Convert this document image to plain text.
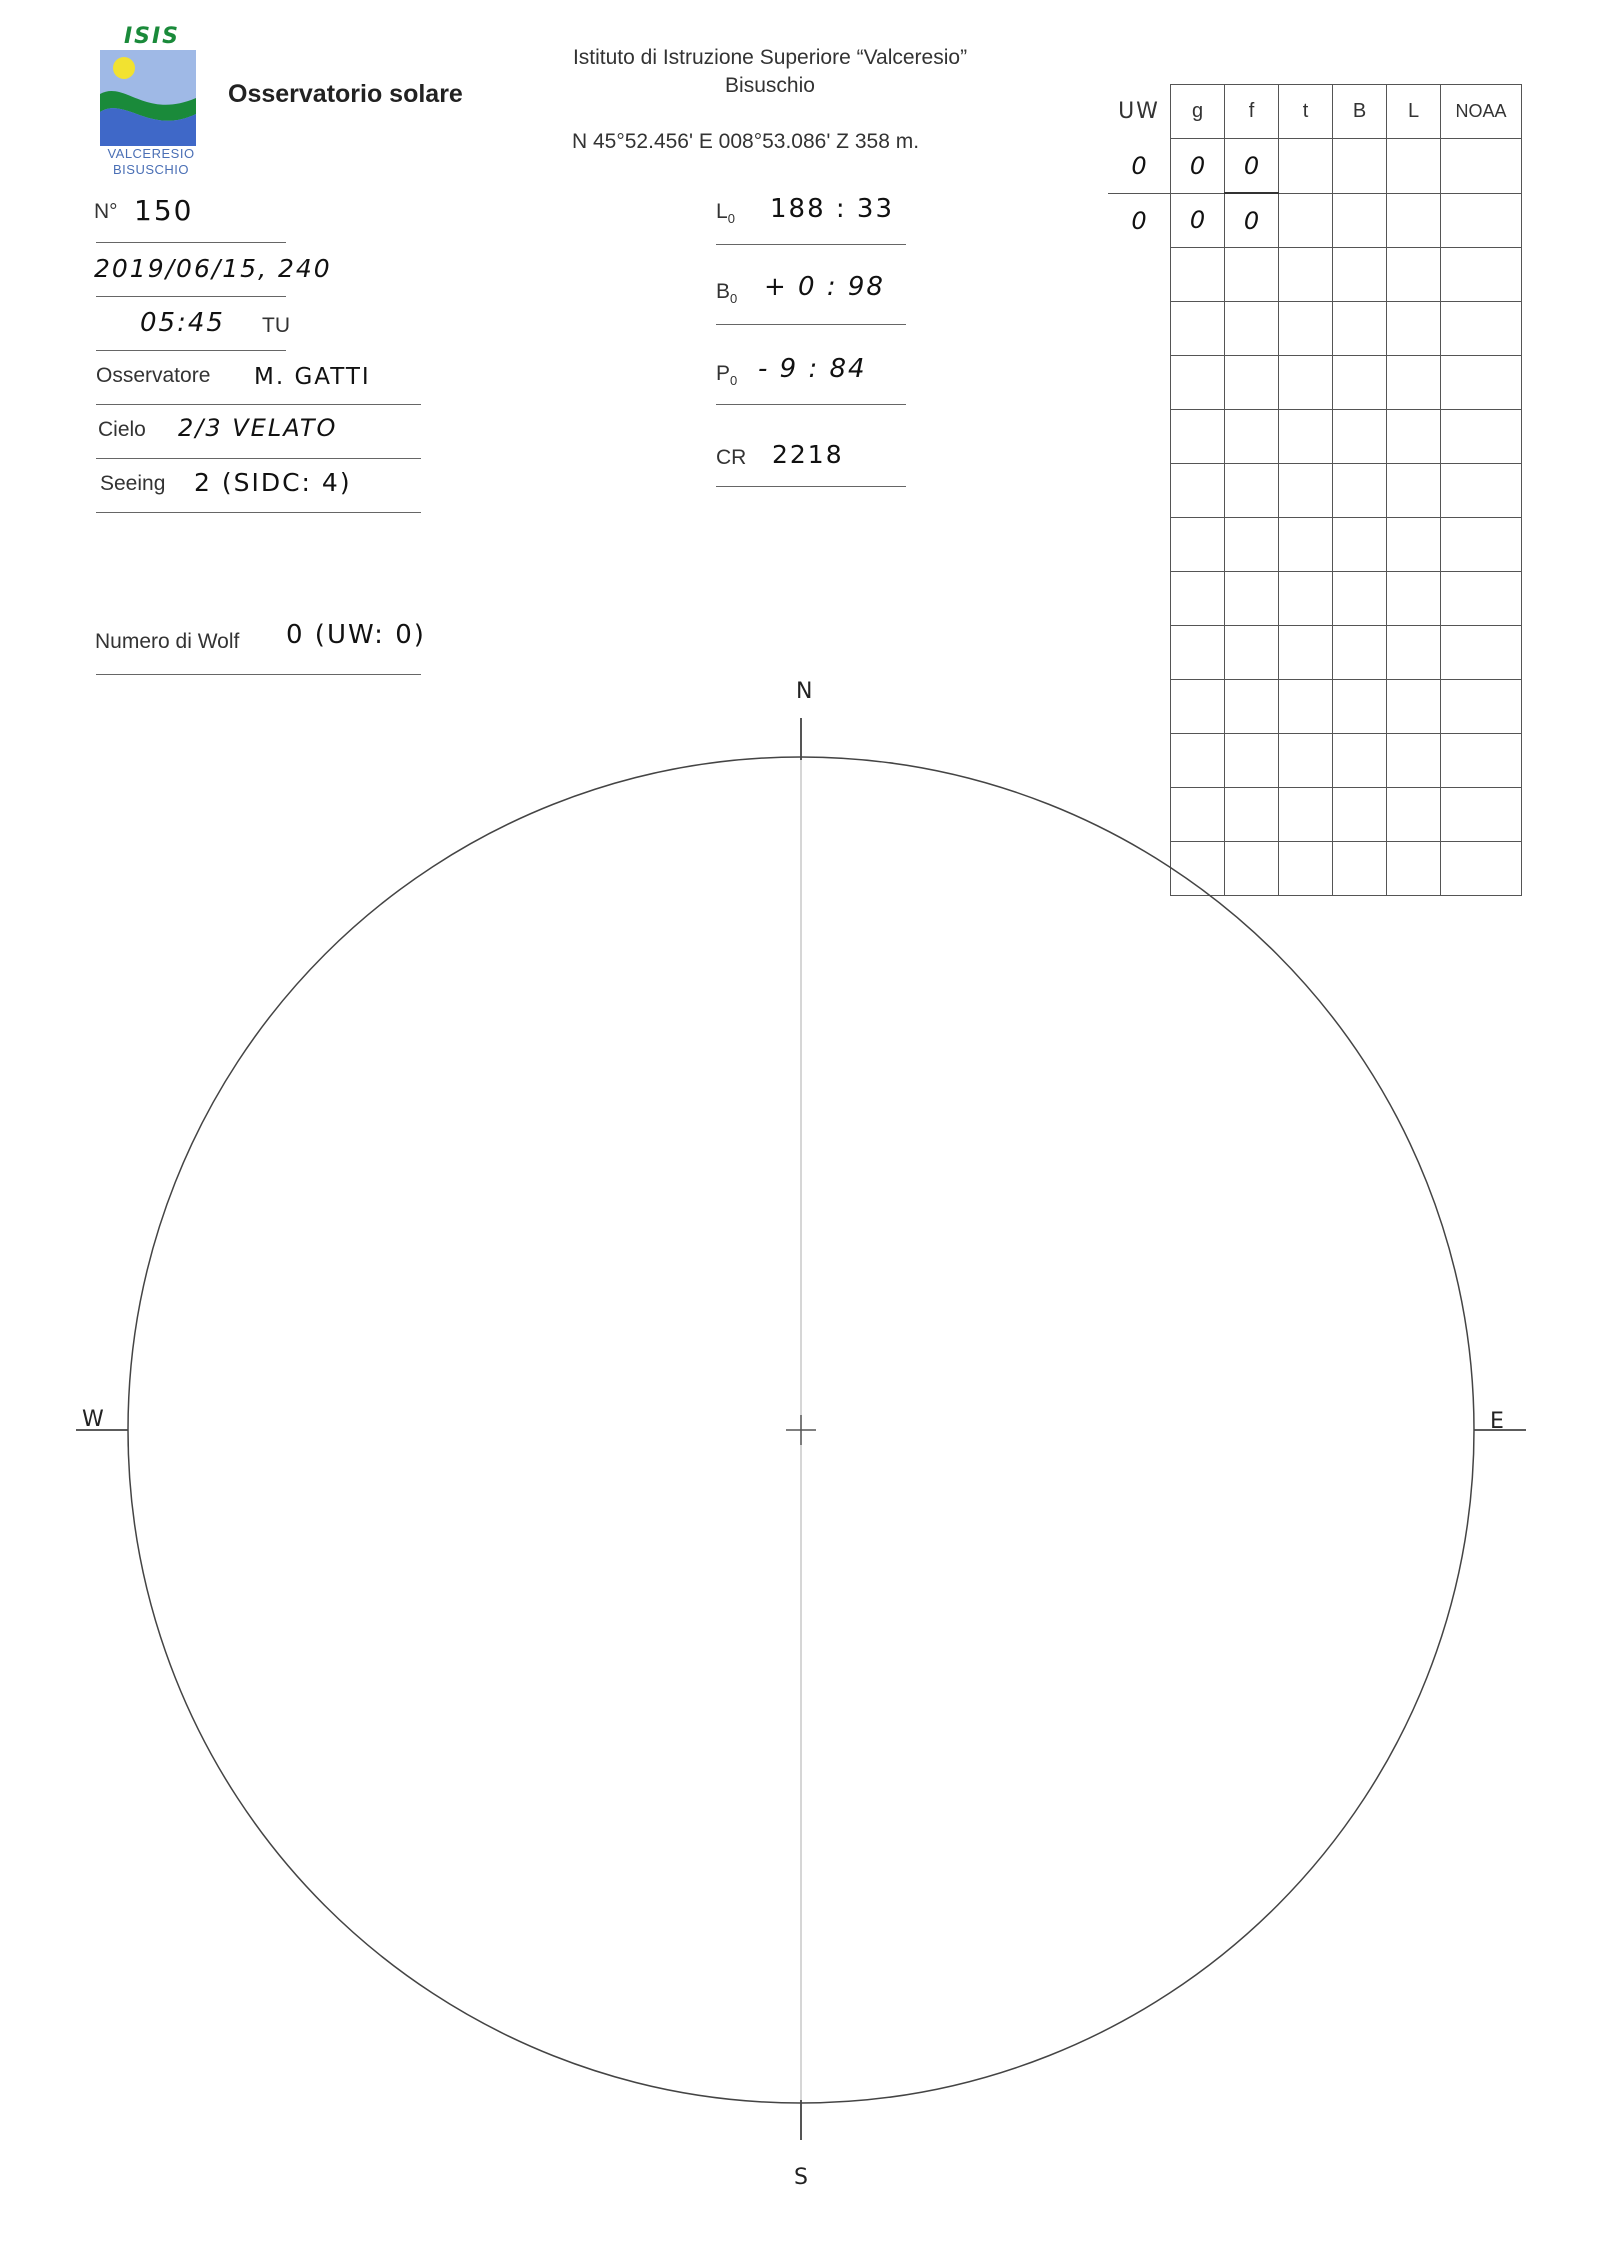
ISIS
VALCERESIO
BISUSCHIO
Osservatorio solare
Istituto di Istruzione Superiore “Valceresio”
Bisuschio
N 45°52.456' E 008°53.086' Z 358 m.
N° 150
2019/06/15, 240
05:45 TU
Osservatore M. GATTI
Cielo 2/3 VELATO
Seeing 2 (SIDC: 4)
Numero di Wolf 0 (UW: 0)
$L_0$ 188 : 33
$B_0 + 0$ : 98
$P_0 - 9$ : 84
CR 2218
UW	g	f	t	B	L	NOAA
0	0	0				
0	0	0				

N
S
W	E
